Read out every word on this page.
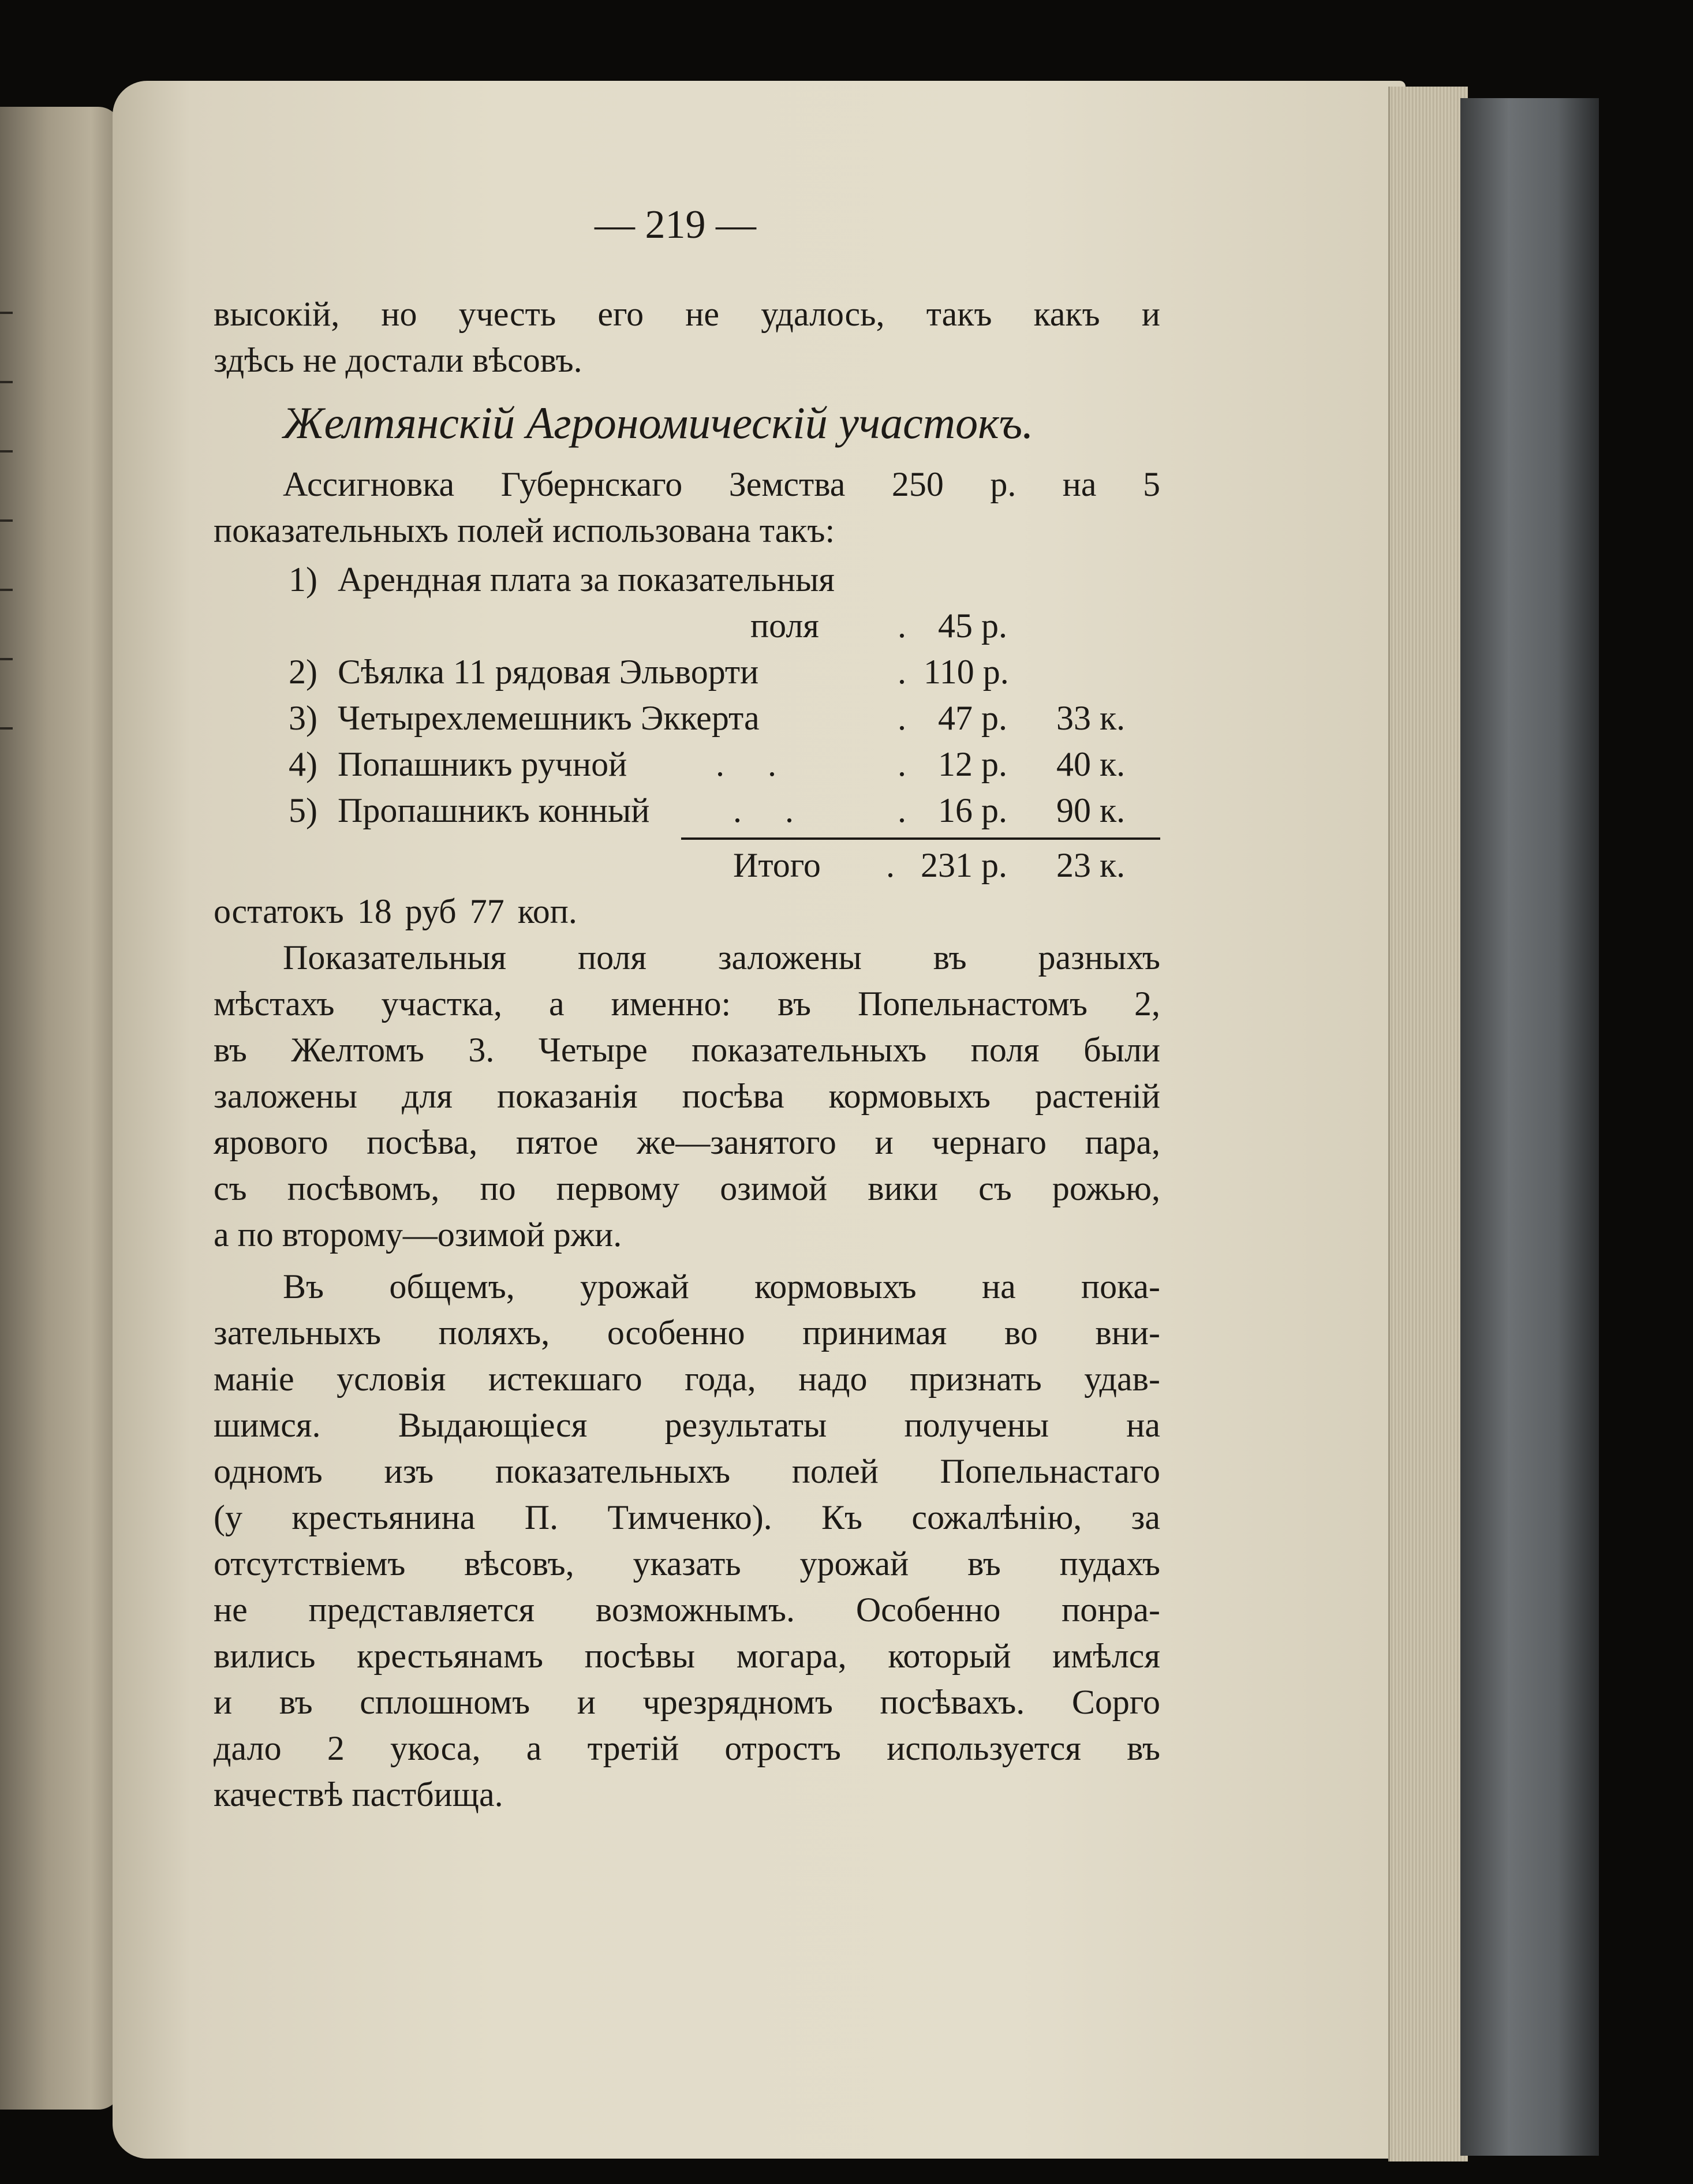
— 219 —
высокій, но учесть его не удалось, такъ какъ и
здѣсь не достали вѣсовъ.
Желтянскій Агрономическій участокъ.
Ассигновка Губернскаго Земства 250 р. на 5
показательныхъ полей использована такъ:
1) Арендная плата за показательныя
поля . 45 р.
2) Сѣялка 11 рядовая Эльворти	. 110 р.
3) Четырехлемешникъ Эккерта	. 47 р. 33 к.
4) Попашникъ ручной	. .	. 12 р. 40 к.
5) Пропашникъ конный . .	. 16 р. 90 к.
Итого . 231 р. 23 к.
остатокъ 18 руб 77 коп.
Показательныя поля заложены въ разныхъ
мѣстахъ участка, а именно: въ Попельнастомъ 2,
въ Желтомъ 3. Четыре показательныхъ поля были
заложены для показанія посѣва кормовыхъ растеній
ярового посѣва, пятое же—занятого и чернаго пара,
съ посѣвомъ, по первому озимой вики съ рожью,
а по второму—озимой ржи.
Въ общемъ, урожай кормовыхъ на пока-
зательныхъ поляхъ, особенно принимая во вни-
маніе условія истекшаго года, надо признать удав-
шимся. Выдающіеся результаты получены на
одномъ изъ показательныхъ полей Попельнастаго
(у крестьянина П. Тимченко). Къ сожалѣнію, за
отсутствіемъ вѣсовъ, указать урожай въ пудахъ
не представляется возможнымъ. Особенно понра-
вились крестьянамъ посѣвы могара, который имѣлся
и въ сплошномъ и чрезрядномъ посѣвахъ. Сорго
дало 2 укоса, а третій отростъ используется въ
качествѣ пастбища.
